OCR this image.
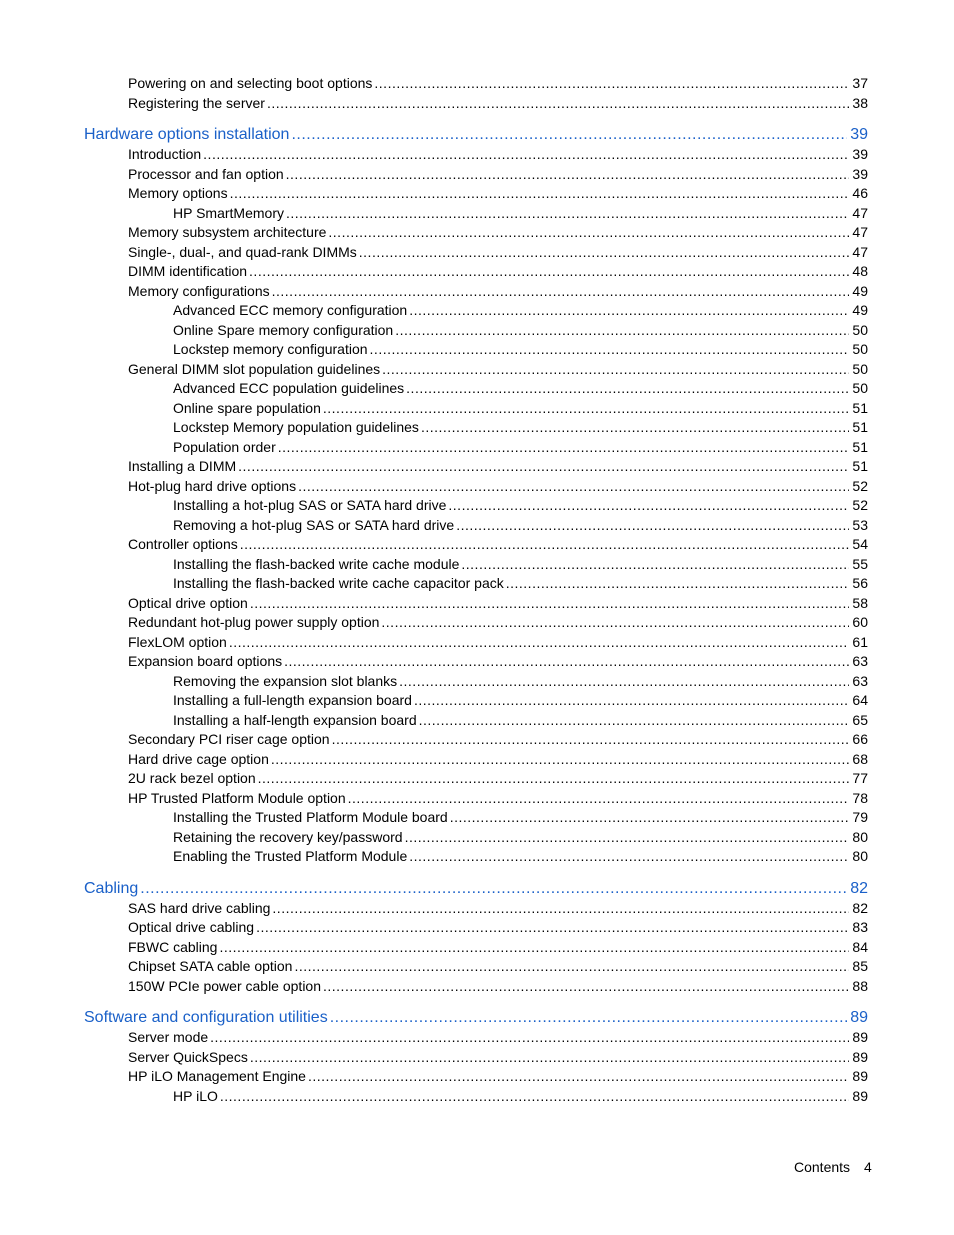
Powering on and selecting boot options .....	37
Registering the server .....	38
Hardware options installation .....	39
Introduction .....	39
Processor and fan option .....	39
Memory options .....	46
HP SmartMemory .....	47
Memory subsystem architecture .....	47
Single-, dual-, and quad-rank DIMMs .....	47
DIMM identification .....	48
Memory configurations .....	49
Advanced ECC memory configuration .....	49
Online Spare memory configuration .....	50
Lockstep memory configuration .....	50
General DIMM slot population guidelines .....	50
Advanced ECC population guidelines .....	50
Online spare population .....	51
Lockstep Memory population guidelines .....	51
Population order .....	51
Installing a DIMM .....	51
Hot-plug hard drive options .....	52
Installing a hot-plug SAS or SATA hard drive .....	52
Removing a hot-plug SAS or SATA hard drive .....	53
Controller options .....	54
Installing the flash-backed write cache module .....	55
Installing the flash-backed write cache capacitor pack .....	56
Optical drive option .....	58
Redundant hot-plug power supply option .....	60
FlexLOM option .....	61
Expansion board options .....	63
Removing the expansion slot blanks .....	63
Installing a full-length expansion board .....	64
Installing a half-length expansion board .....	65
Secondary PCI riser cage option .....	66
Hard drive cage option .....	68
2U rack bezel option .....	77
HP Trusted Platform Module option .....	78
Installing the Trusted Platform Module board .....	79
Retaining the recovery key/password .....	80
Enabling the Trusted Platform Module .....	80
Cabling .....	82
SAS hard drive cabling .....	82
Optical drive cabling .....	83
FBWC cabling .....	84
Chipset SATA cable option .....	85
150W PCIe power cable option .....	88
Software and configuration utilities .....	89
Server mode .....	89
Server QuickSpecs .....	89
HP iLO Management Engine .....	89
HP iLO .....	89
Contents 4
